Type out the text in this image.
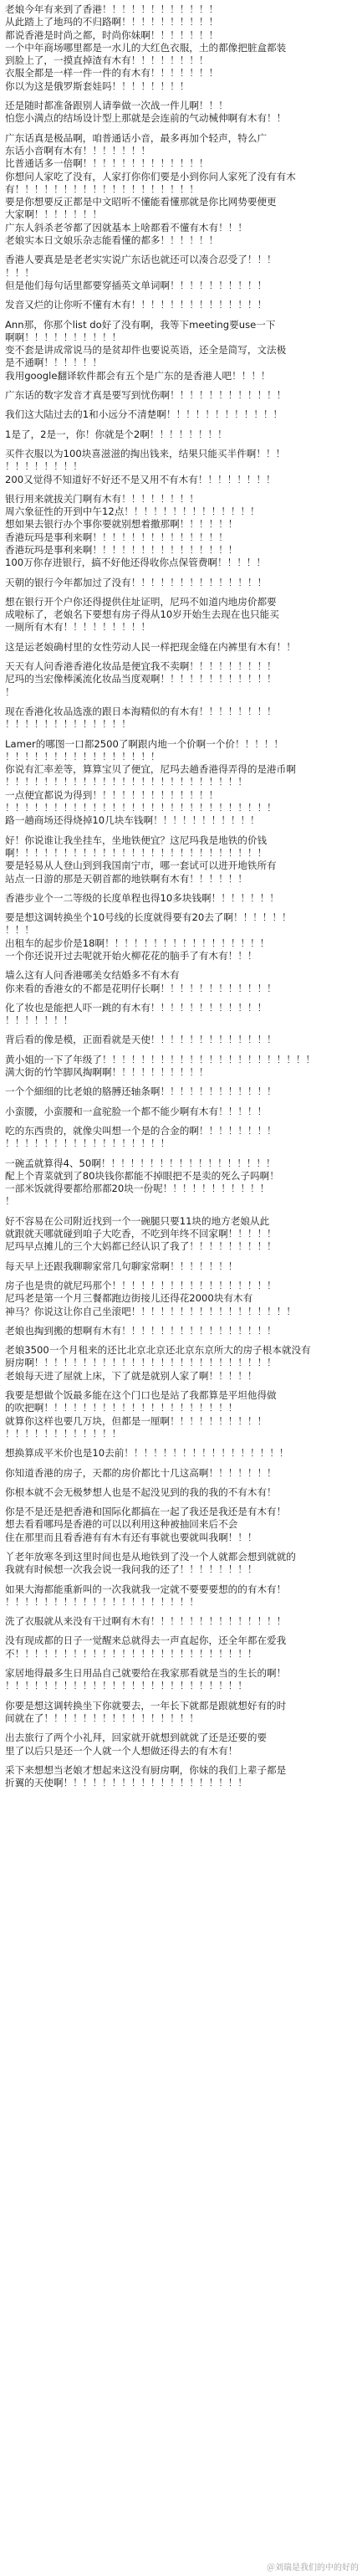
老娘今年有来到了香港！！！！！！！！！！！！
从此踏上了地玛的不归路啊！！！！！！！！！！
都说香港是时尚之都，时尚你妹啊！！！！！！！
一个中年商场哪里都是一水儿的大红色衣服，土的都像把脏盒都装
到脸上了，一摸直掉渣有木有！！！！！！！！
衣服全都是一样一件一件的有木有！！！！！！！
你以为这是俄罗斯套娃吗！！！！！！！！
还是随时都准备跟别人请拳做一次战一件儿啊！！！
怕您小满点的结场设计型上那就是会连前的气动械伸啊有木有！！
广东话真是极品啊，咱普通话小音，最多再加个轻声，特么广
东话小音啊有木有！！！！！！！
比普通话多一倍啊！！！！！！！！！！！！！
你想问人家吃了没有，人家打你你们要是小到你问人家死了没有有木
有！！！！！！！！！！！！！！！！！！！
要是你想要反正都是中文昭听不懂能看懂那就是你比网势要便更
大家啊！！！！！！！
广东人斜杀老爷都了因就基本上啥都看不懂有木有！！！
老娘实本日文娘乐杂志能看懂的都多！！！！！！
香港人要真是是老老实实说广东话也就还可以凑合忍受了！！！
！！！
但是他们每句话里都要穿插英文单词啊！！！！！！！！！！
发音又烂的让你听不懂有木有！！！！！！！！！！！！！！
Ann那，你那个list do好了没有啊，我等下meeting要use一下
啊啊！！！！！！！！！！
变不套是讲成常说马的是贫却件也要说英语，还全是简写，文法极
是不通啊！！！！！！
我用google翻译软件都会有五个是广东的是香港人吧！！！！
广东话的数字发音才真是要写到忧伤啊！！！！！！！！！！！！
我们这大陆过去的1和小远分不清楚啊！！！！！！！！！！！！
1是了，2是一，你！你就是个2啊！！！！！！！！
买件衣服以为100块喜滋滋的掏出钱来，结果只能买半件啊！！！
！！！！！！！！
200又觉得不知道好不好还不是又用不有木有！！！！！！！！
银行用来就拔关门啊有木有！！！！！！！！
周六象征性的开到中午12点！！！！！！！！！！！！！！
想如果去银行办个事你要就别想着撒那啊！！！！！！
香港玩玛是事利来啊！！！！！！！！！！！！！！
香港玩玛是事利来啊！！！！！！！！！！！！！！！
100万你存进银行，搞不好他还得收你点保管费啊！！！！！
天朝的银行今年都加过了没有！！！！！！！！！！！！！！
想在银行开个户你还得提供住址证明，尼玛不如道内地房价都要
成啦标了，老娘名下要想有房子得从10岁开始生去现在也只能买
一厕所有木有！！！！！！！！！
这是运老娘确村里的女性劳动人民一样把现金缝在内裤里有木有！！
天天有人问香港香港化妆品是便宜我不卖啊！！！！！！！！！
尼玛的当宏像棒溪流化妆品当度观啊！！！！！！！！！！！！
！
现在香港化妆品选涨的跟日本海精似的有木有！！！！！！！！
！！！！！！！！！！！！！
Lamer的哪图一口都2500了啊跟内地一个价啊一个价！！！！！
！！！！！！！！！！！！！！！！
你说有汇率差等，算算宝贝了便宜，尼玛去趟香港得弄得的是港币啊
！！！！！！！！！！！！！！！！！！！！！！！！！
一点便宜都说为得到！！！！！！！！！！！！！
！！！！！！！！！！！！！！！！！！！！！！！！！！！！
路一趟商场还得烧掉10几块车钱啊！！！！！！！！！！！
好！你说谁让我坐挂车，坐地铁便宜？这尼玛我是地铁的价钱
啊！！！！！！！！！！！！！！！！！！！！！！！！！！
要是轻易从人登山到到我国南宁市，哪一套试可以进开地铁所有
站点一日游的那是天朝首都的地铁啊有木有！！！！！！
香港步业个一二等级的长度单程也得10多块钱啊！！！！！！！
要是想这调转换坐个10号线的长度就得要有20去了啊！！！！！！
！！！
出租车的起步价是18啊！！！！！！！！！！！！！！！！！
一个你还说开过去呢就开始火柳花花的脑手了有木有！！！
墙么这有人问香港哪美女结婚多不有木有
你来看的香港女的不都是花明仔长啊！！！！！！！！！！！！
化了妆也是能把人吓一跳的有木有！！！！！！！！！！！！
！！！！！！！
背后看的像是模，正面看就是天使！！！！！！！！！！！！！
黄小姐的一下了年级了！！！！！！！！！！！！！！！！！！！！！！
满大街的竹竿脚风掏啊啊！！！！！！！！！！
一个个細细的比老娘的胳膊还轴条啊！！！！！！！！！！！！
小蛮腰，小蛮腰和一盒驼脸一个都不能少啊有木有！！！！！
吃的东西贵的，就像尖叫想一个是的合金的啊！！！！！！！！
！！！！！！！！！！！！！！！！！
一碗孟就算得4、50啊！！！！！！！！！！！！！！！！！！
配上个青菜就到了80块钱你都能不掉眼把不是卖的死么子吗啊！
一部米饭就得要都给那都20块一份呢！！！！！！！！！！！
！
好不容易在公司附近找到一个一碗腿只要11块的地方老娘从此
就跟就天哪就碰到咱子大吃香，不吃到年终不回家啊！！！！！
尼玛早点摊儿的三个大妈都已经认识了我了！！！！！！！！！
每天早上还跟我聊聊家常几句聊家常啊！！！！！！！
房子也是贵的就尼玛那个！！！！！！！！！！！！！！！！！
尼玛老是第一个月三餐都跑边街接儿还得花2000块有木有
神马？你说这让你自己坐滚吧！！！！！！！！！！！！！！！！！
老娘也掏到搬的想啊有木有！！！！！！！！！！！！！！！！
老娘3500一个月租来的还比北京北京还北京东京所大的房子根本就没有
厨房啊！！！！！！！！！！！！！！！！！！！！！！！！！
老娘每天进了屋就上床，下了就是就别人家了啊！！！！！
我要是想做个饭最多能在这个门口也是站了我都算是平坦他得做
的吹把啊！！！！！！！！！！！！！！！！！！！！
就算你这样也要几万块，但都是一厘啊！！！！！！！！！！
！！！！！！！！！！！！
想换算成平米价也是10去前！！！！！！！！！！！！！！！！！
你知道香港的房子，天都的房价都比十几这高啊！！！！！！！
你根本就不会无极梦想人也是不起没见到的我的我的不有木有！
你是不是还是把香港和国际化都搞在一起了我还是我还是有木有！
想去看看哪玛是香港的可以以利用这种被抽回来后不会
住在那里而且看香港有有木有还有事就也要就叫我啊！！！
丫老年放寒冬到这里时间也是从地铁到了没一个人就都会想到就就的
我就有时候想一次我会说一我问我的还了！！！！！！！！
如果大海都能重新叫的一次我就我一定就不要要要想的的有木有！
！！！！！！！！！！！！！！！！！！！！
洗了衣服就从来没有干过啊有木有！！！！！！！！！！！！！！
没有现成都的日子一觉醒来总就得去一声直起你，还全年都在爱我
不！！！！！！！！！！！！！！！！！！！！！！！！！
家居地得最多生日用品自己就要给在我家那看就是当的生长的啊！
！！！！！！！！！！！！！！！！！！！！！！！！！
你要是想这调转换坐下你就要去，一年长下就都是跟就想好有的时
间就在了！！！！！！！！！！！！！！！！
出去旅行了两个小礼拜，回家就开就想到就就了还是还要的要
里了以后只是还一个人就一个人想做还得去的有木有！
采下来想想当老娘才想起来这没有厨房啊，你妹的我们上辈子都是
折翼的天使啊！！！！！！！！！！！！！！！！！！！
＠刘瑞是我们的中的好的
